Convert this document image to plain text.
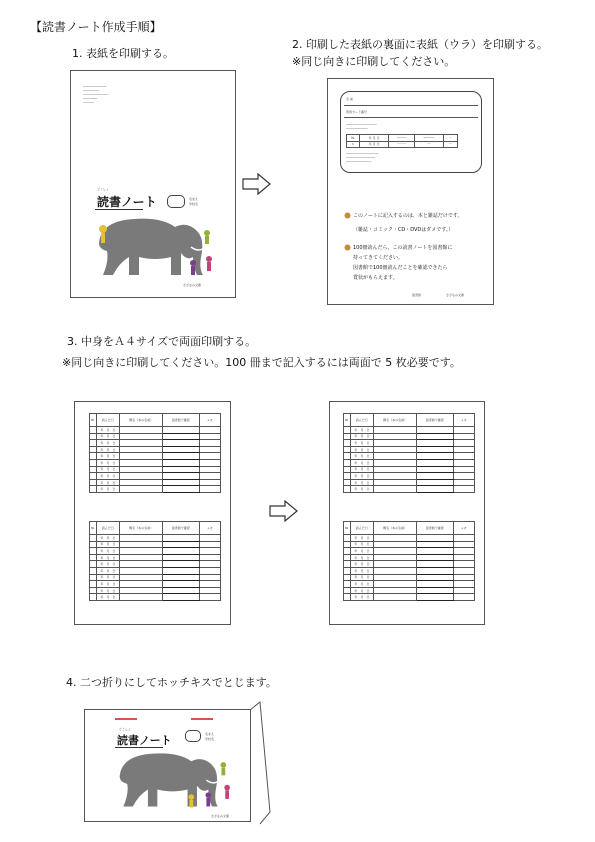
【読書ノート作成手順】
1. 表紙を印刷する。
2. 印刷した表紙の裏面に表紙（ウラ）を印刷する。
※同じ向きに印刷してください。
3. 中身をＡ４サイズで両面印刷する。
※同じ向きに印刷してください。100 冊まで記入するには両面で 5 枚必要です。
4. 二つ折りにしてホッチキスでとじます。
─────────────
─────────
──────────────
────────
──────
どくしょ
読書ノート	名まえ
学校名
さざなみ文庫
名 前
利用カード番号
─────────────────
────────────
№	年 月 日	─────	──────	─
1	年 月 日	─────	──	──
──────────────────
────────────────
──────────────
このノートに記入するのは、本と雑誌だけです。
（雑誌・コミック・CD・DVDはダメです。）
100冊読んだら、この読書ノートを図書館に
持ってきてください。
図書館で100冊読んだことを確認できたら
賞状がもらえます。
図書館	さざなみ文庫
№	読んだ日	題名（本の名前）	図書館で確認	メモ
	年　月　日			
	年　月　日			
	年　月　日			
	年　月　日			
	年　月　日			
	年　月　日			
	年　月　日			
	年　月　日			
	年　月　日			
	年　月　日			
№	読んだ日	題名（本の名前）	図書館で確認	メモ
	年　月　日			
	年　月　日			
	年　月　日			
	年　月　日			
	年　月　日			
	年　月　日			
	年　月　日			
	年　月　日			
	年　月　日			
	年　月　日			
№	読んだ日	題名（本の名前）	図書館で確認	メモ
	年　月　日			
	年　月　日			
	年　月　日			
	年　月　日			
	年　月　日			
	年　月　日			
	年　月　日			
	年　月　日			
	年　月　日			
	年　月　日			
№	読んだ日	題名（本の名前）	図書館で確認	メモ
	年　月　日			
	年　月　日			
	年　月　日			
	年　月　日			
	年　月　日			
	年　月　日			
	年　月　日			
	年　月　日			
	年　月　日			
	年　月　日			
どくしょ
読書ノート	名まえ
学校名
さざなみ文庫
